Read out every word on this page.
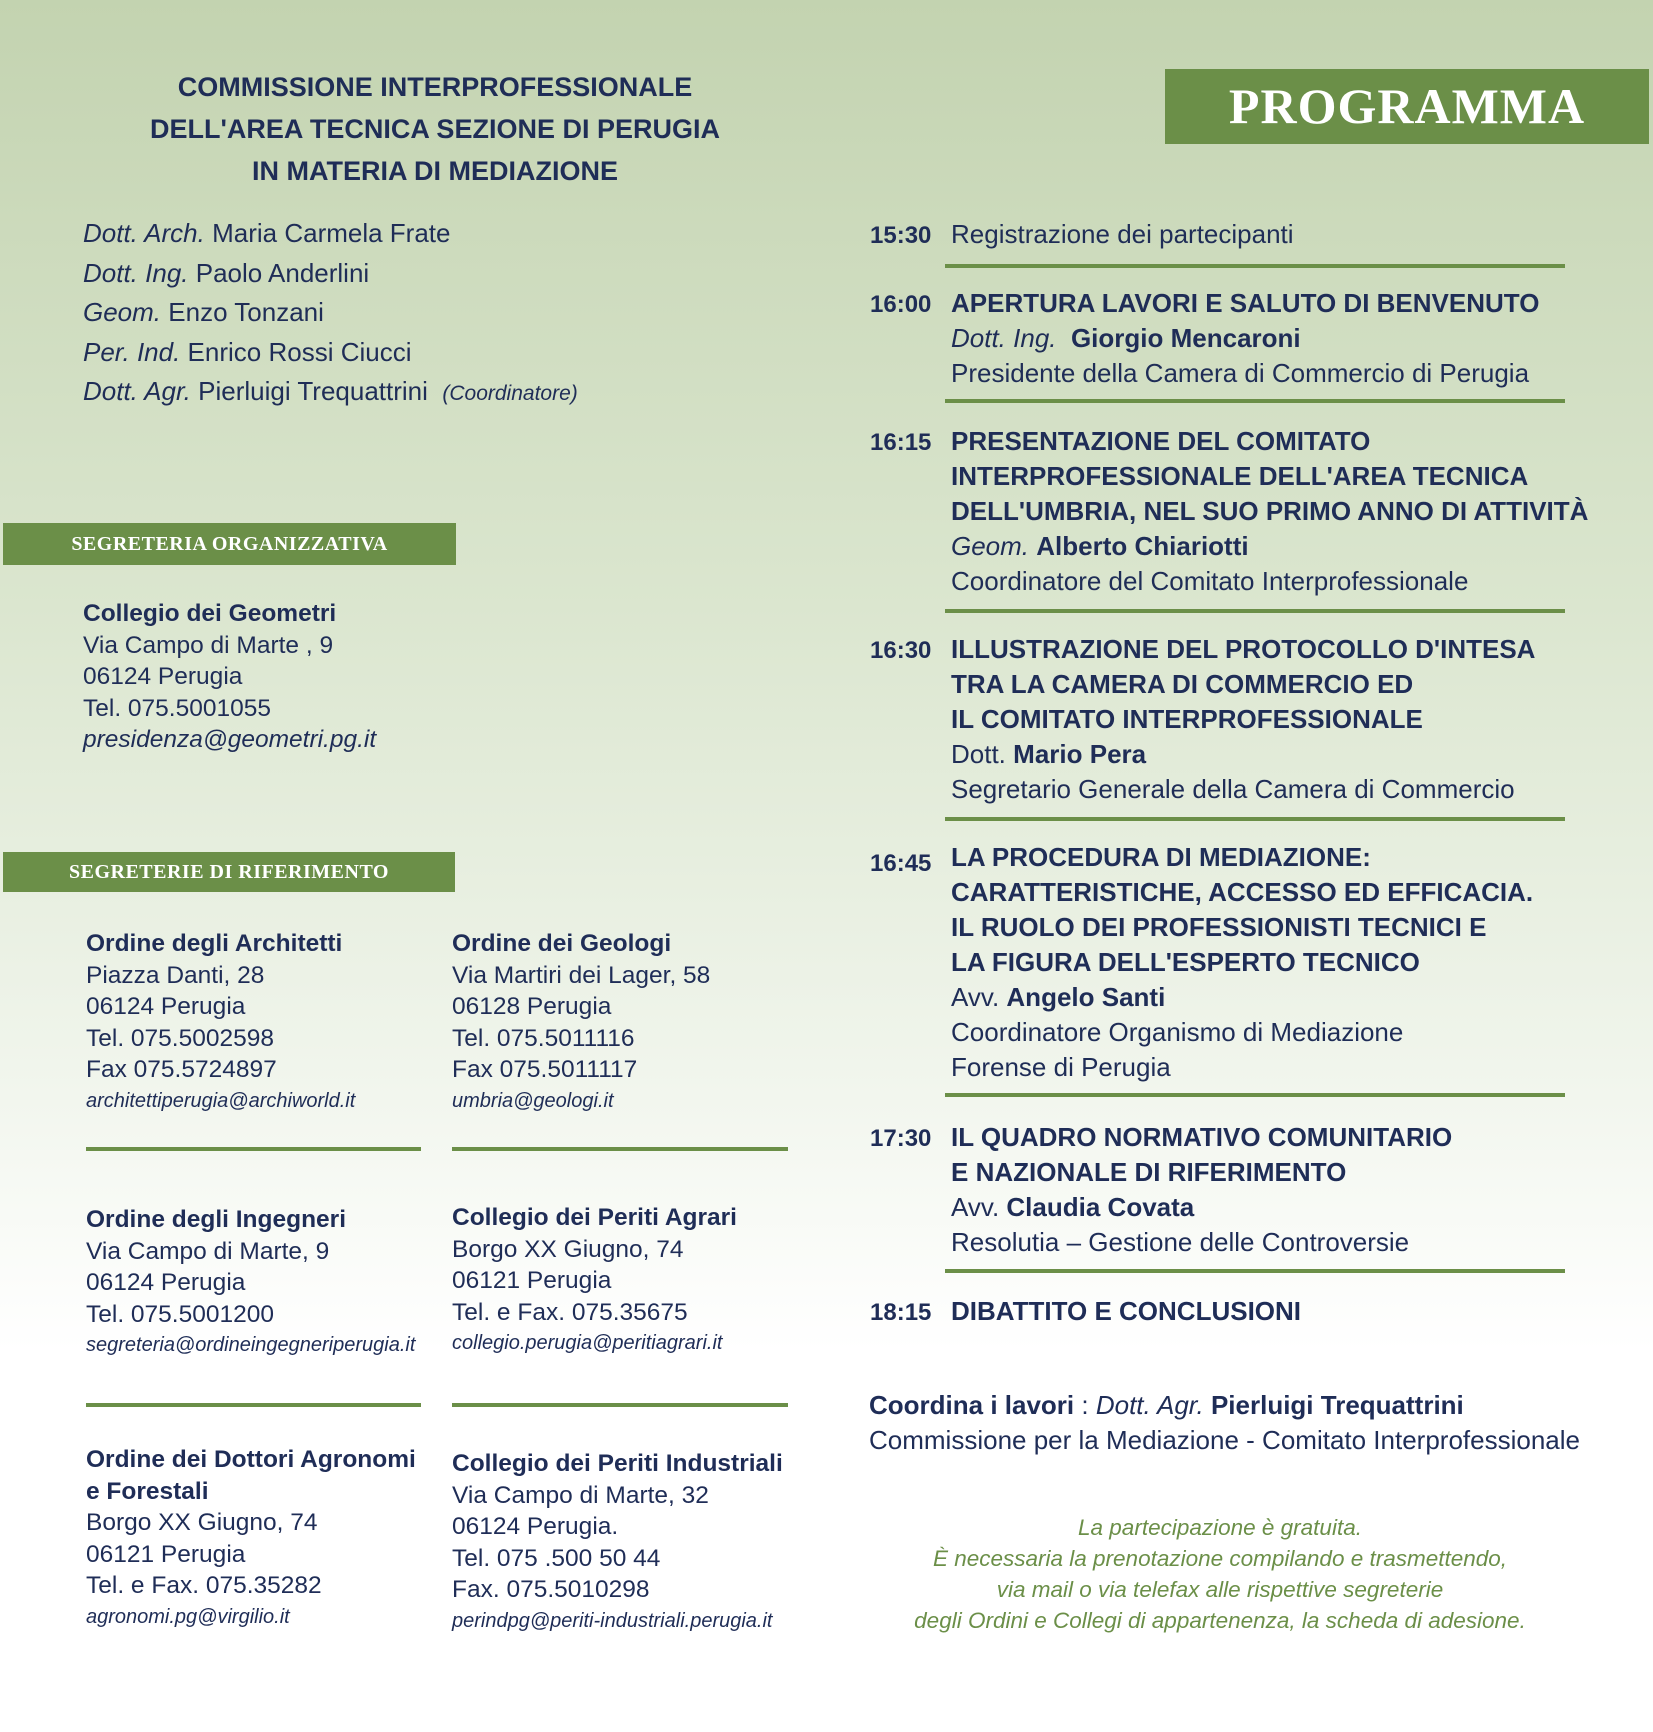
COMMISSIONE INTERPROFESSIONALE
DELL'AREA TECNICA SEZIONE DI PERUGIA
IN MATERIA DI MEDIAZIONE
Dott. Arch. Maria Carmela Frate
Dott. Ing. Paolo Anderlini
Geom. Enzo Tonzani
Per. Ind. Enrico Rossi Ciucci
Dott. Agr. Pierluigi Trequattrini (Coordinatore)
SEGRETERIA ORGANIZZATIVA
Collegio dei Geometri
Via Campo di Marte , 9
06124 Perugia
Tel. 075.5001055
presidenza@geometri.pg.it
SEGRETERIE DI RIFERIMENTO
Ordine degli Architetti
Piazza Danti, 28
06124 Perugia
Tel. 075.5002598
Fax 075.5724897
architettiperugia@archiworld.it
Ordine dei Geologi
Via Martiri dei Lager, 58
06128 Perugia
Tel. 075.5011116
Fax 075.5011117
umbria@geologi.it
Ordine degli Ingegneri
Via Campo di Marte, 9
06124 Perugia
Tel. 075.5001200
segreteria@ordineingegneriperugia.it
Collegio dei Periti Agrari
Borgo XX Giugno, 74
06121 Perugia
Tel. e Fax. 075.35675
collegio.perugia@peritiagrari.it
Ordine dei Dottori Agronomi
e Forestali
Borgo XX Giugno, 74
06121 Perugia
Tel. e Fax. 075.35282
agronomi.pg@virgilio.it
Collegio dei Periti Industriali
Via Campo di Marte, 32
06124 Perugia.
Tel. 075 .500 50 44
Fax. 075.5010298
perindpg@periti-industriali.perugia.it
PROGRAMMA
15:30 Registrazione dei partecipanti
16:00 APERTURA LAVORI E SALUTO DI BENVENUTO
Dott. Ing. Giorgio Mencaroni
Presidente della Camera di Commercio di Perugia
16:15 PRESENTAZIONE DEL COMITATO
INTERPROFESSIONALE DELL'AREA TECNICA
DELL'UMBRIA, NEL SUO PRIMO ANNO DI ATTIVITÀ
Geom. Alberto Chiariotti
Coordinatore del Comitato Interprofessionale
16:30 ILLUSTRAZIONE DEL PROTOCOLLO D'INTESA
TRA LA CAMERA DI COMMERCIO ED
IL COMITATO INTERPROFESSIONALE
Dott. Mario Pera
Segretario Generale della Camera di Commercio
16:45 LA PROCEDURA DI MEDIAZIONE:
CARATTERISTICHE, ACCESSO ED EFFICACIA.
IL RUOLO DEI PROFESSIONISTI TECNICI E
LA FIGURA DELL'ESPERTO TECNICO
Avv. Angelo Santi
Coordinatore Organismo di Mediazione
Forense di Perugia
17:30 IL QUADRO NORMATIVO COMUNITARIO
E NAZIONALE DI RIFERIMENTO
Avv. Claudia Covata
Resolutia – Gestione delle Controversie
18:15 DIBATTITO E CONCLUSIONI
Coordina i lavori : Dott. Agr. Pierluigi Trequattrini
Commissione per la Mediazione - Comitato Interprofessionale
La partecipazione è gratuita.
È necessaria la prenotazione compilando e trasmettendo,
via mail o via telefax alle rispettive segreterie
degli Ordini e Collegi di appartenenza, la scheda di adesione.
